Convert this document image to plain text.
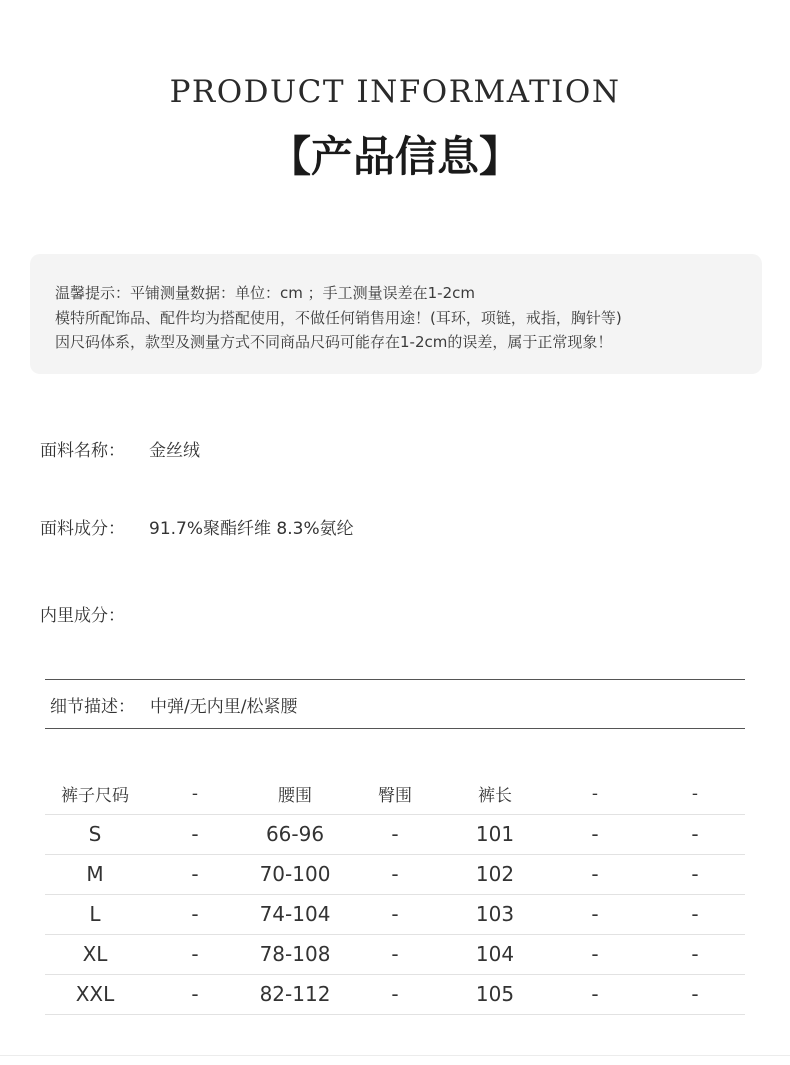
PRODUCT INFORMATION
【产品信息】

温馨提示：平铺测量数据：单位：cm ；手工测量误差在1-2cm

模特所配饰品、配件均为搭配使用，不做任何销售用途！(耳环，项链，戒指，胸针等)

因尺码体系，款型及测量方式不同商品尺码可能存在1-2cm的误差，属于正常现象！

面料名称： 金丝绒
面料成分： 91.7%聚酯纤维 8.3%氨纶
内里成分：
细节描述： 中弹/无内里/松紧腰
裤子尺码	-	腰围	臀围	裤长	-	-
S	-	66-96	-	101	-	-
M	-	70-100	-	102	-	-
L	-	74-104	-	103	-	-
XL	-	78-108	-	104	-	-
XXL	-	82-112	-	105	-	-
